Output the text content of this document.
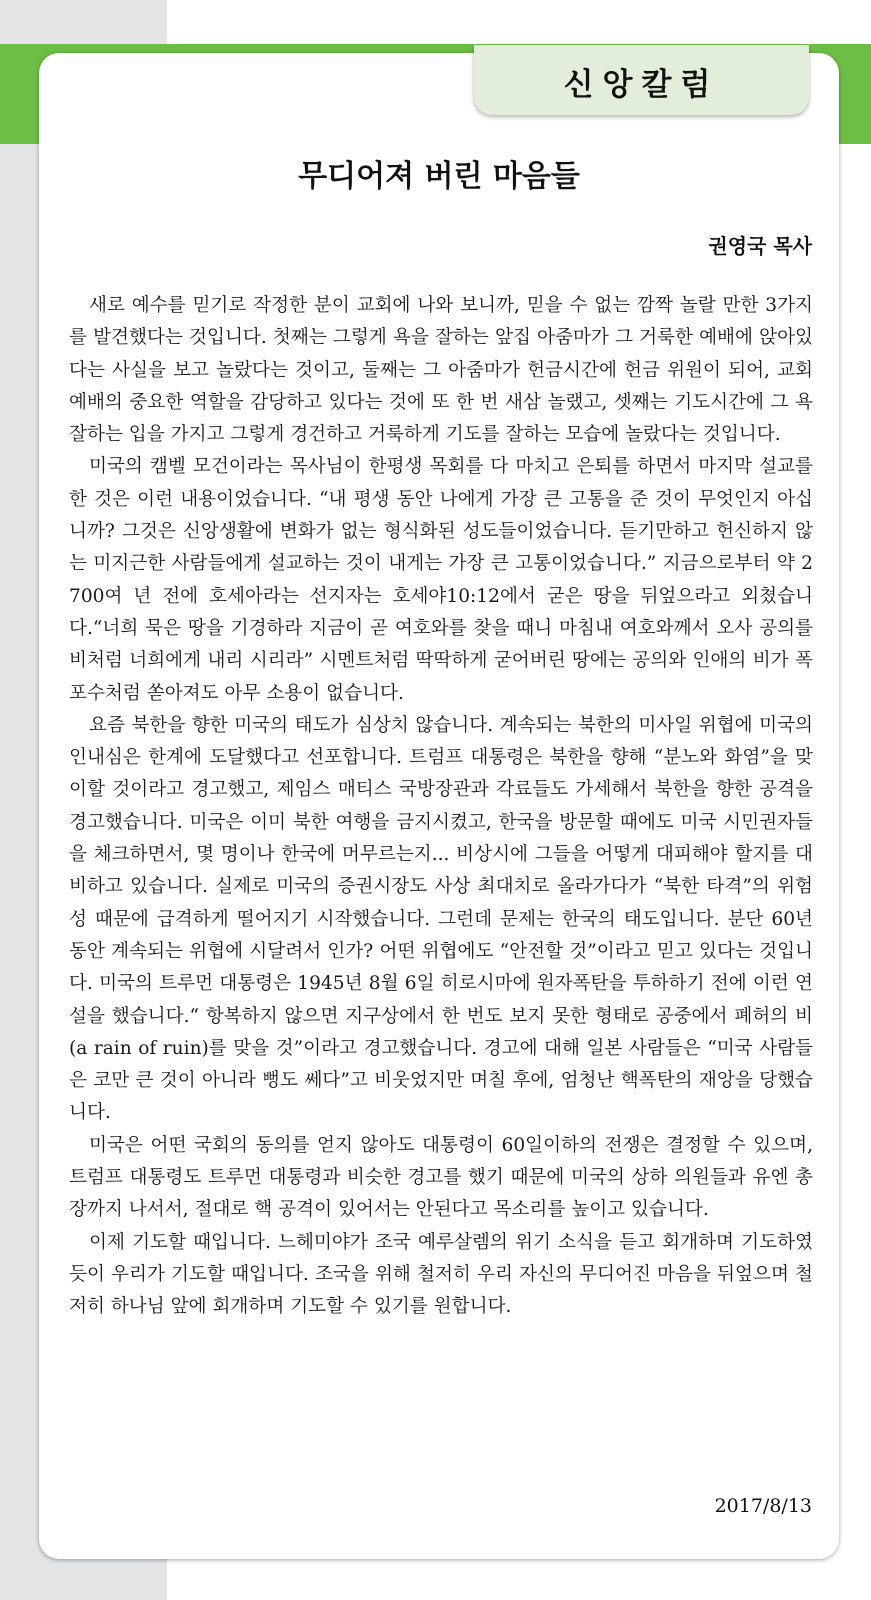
신앙칼럼
무디어져 버린 마음들
권영국 목사

새로 예수를 믿기로 작정한 분이 교회에 나와 보니까, 믿을 수 없는 깜짝 놀랄 만한 3가지를 발견했다는 것입니다. 첫째는 그렇게 욕을 잘하는 앞집 아줌마가 그 거룩한 예배에 앉아있다는 사실을 보고 놀랐다는 것이고, 둘째는 그 아줌마가 헌금시간에 헌금 위원이 되어, 교회 예배의 중요한 역할을 감당하고 있다는 것에 또 한 번 새삼 놀랬고, 셋째는 기도시간에 그 욕 잘하는 입을 가지고 그렇게 경건하고 거룩하게 기도를 잘하는 모습에 놀랐다는 것입니다.

미국의 캠벨 모건이라는 목사님이 한평생 목회를 다 마치고 은퇴를 하면서 마지막 설교를 한 것은 이런 내용이었습니다. “내 평생 동안 나에게 가장 큰 고통을 준 것이 무엇인지 아십니까? 그것은 신앙생활에 변화가 없는 형식화된 성도들이었습니다. 듣기만하고 헌신하지 않는 미지근한 사람들에게 설교하는 것이 내게는 가장 큰 고통이었습니다.” 지금으로부터 약 2700여 년 전에 호세아라는 선지자는 호세야10:12에서 굳은 땅을 뒤엎으라고 외쳤습니다.“너희 묵은 땅을 기경하라 지금이 곧 여호와를 찾을 때니 마침내 여호와께서 오사 공의를 비처럼 너희에게 내리 시리라” 시멘트처럼 딱딱하게 굳어버린 땅에는 공의와 인애의 비가 폭포수처럼 쏟아져도 아무 소용이 없습니다.

요즘 북한을 향한 미국의 태도가 심상치 않습니다. 계속되는 북한의 미사일 위협에 미국의 인내심은 한계에 도달했다고 선포합니다. 트럼프 대통령은 북한을 향해 “분노와 화염”을 맞이할 것이라고 경고했고, 제임스 매티스 국방장관과 각료들도 가세해서 북한을 향한 공격을 경고했습니다. 미국은 이미 북한 여행을 금지시켰고, 한국을 방문할 때에도 미국 시민권자들을 체크하면서, 몇 명이나 한국에 머무르는지... 비상시에 그들을 어떻게 대피해야 할지를 대비하고 있습니다. 실제로 미국의 증권시장도 사상 최대치로 올라가다가 “북한 타격”의 위험성 때문에 급격하게 떨어지기 시작했습니다. 그런데 문제는 한국의 태도입니다. 분단 60년 동안 계속되는 위협에 시달려서 인가? 어떤 위협에도 “안전할 것”이라고 믿고 있다는 것입니다. 미국의 트루먼 대통령은 1945년 8월 6일 히로시마에 원자폭탄을 투하하기 전에 이런 연설을 했습니다.“ 항복하지 않으면 지구상에서 한 번도 보지 못한 형태로 공중에서 폐허의 비(a rain of ruin)를 맞을 것”이라고 경고했습니다. 경고에 대해 일본 사람들은 “미국 사람들은 코만 큰 것이 아니라 뻥도 쎄다”고 비웃었지만 며칠 후에, 엄청난 핵폭탄의 재앙을 당했습니다.

미국은 어떤 국회의 동의를 얻지 않아도 대통령이 60일이하의 전쟁은 결정할 수 있으며, 트럼프 대통령도 트루먼 대통령과 비슷한 경고를 했기 때문에 미국의 상하 의원들과 유엔 총장까지 나서서, 절대로 핵 공격이 있어서는 안된다고 목소리를 높이고 있습니다.

이제 기도할 때입니다. 느헤미야가 조국 예루살렘의 위기 소식을 듣고 회개하며 기도하였듯이 우리가 기도할 때입니다. 조국을 위해 철저히 우리 자신의 무디어진 마음을 뒤엎으며 철저히 하나님 앞에 회개하며 기도할 수 있기를 원합니다.

2017/8/13
